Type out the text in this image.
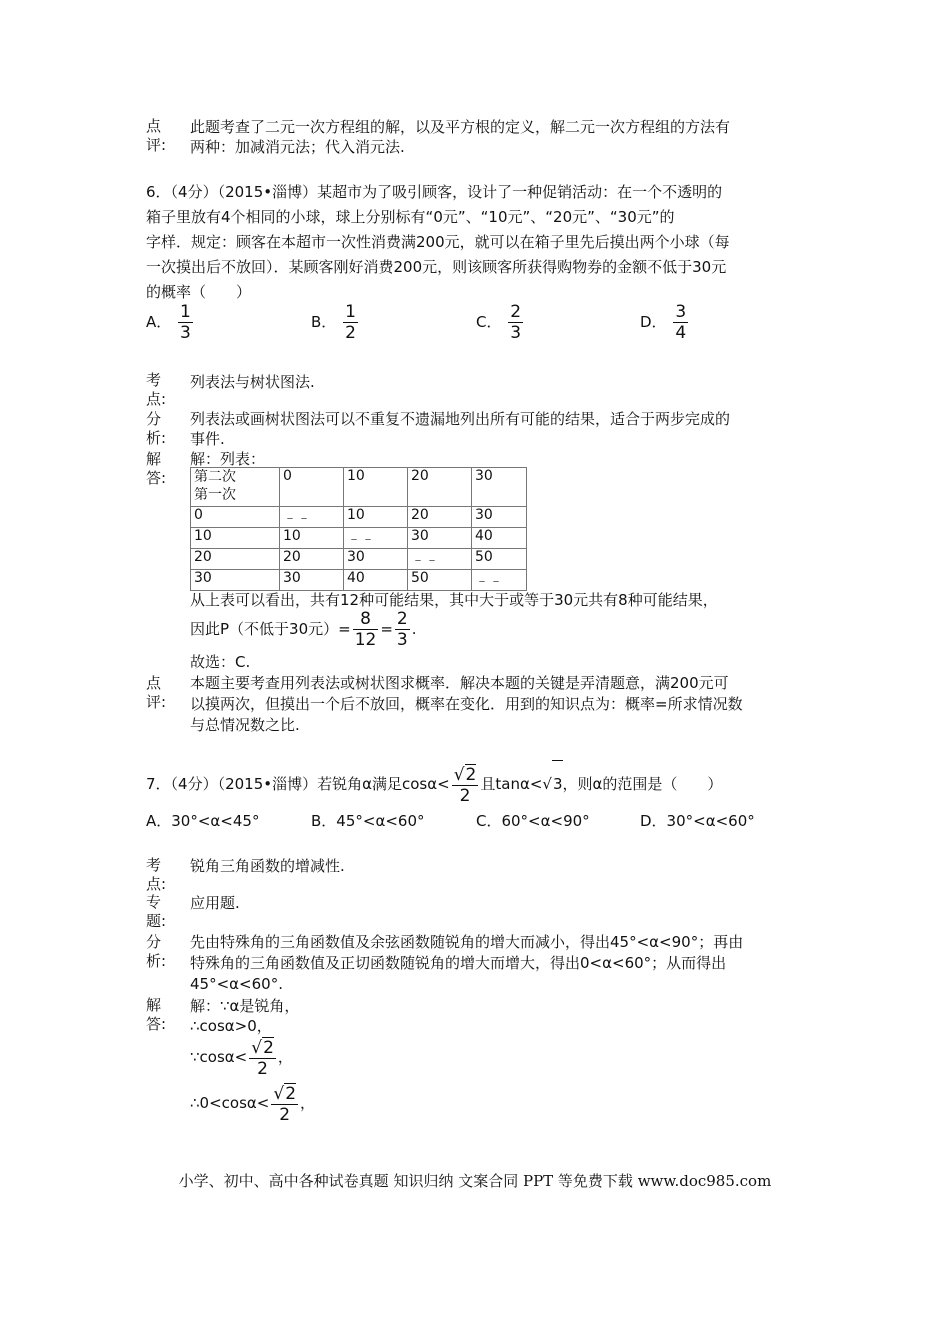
点
评:
此题考查了二元一次方程组的解，以及平方根的定义，解二元一次方程组的方法有
两种：加减消元法；代入消元法.
6．（4分）（2015•淄博）某超市为了吸引顾客，设计了一种促销活动：在一个不透明的
箱子里放有4个相同的小球，球上分别标有“0元”、“10元”、“20元”、“30元”的
字样．规定：顾客在本超市一次性消费满200元，就可以在箱子里先后摸出两个小球（每
一次摸出后不放回）．某顾客刚好消费200元，则该顾客所获得购物券的金额不低于30元
的概率（　　）
A． $\frac{1}{3}$	B． $\frac{1}{2}$	C． $\frac{2}{3}$	D． $\frac{3}{4}$
考
点:
列表法与树状图法.
分
析:
列表法或画树状图法可以不重复不遗漏地列出所有可能的结果，适合于两步完成的
事件.
解
答:
解：列表：
第二次
第一次	0	10	20	30
0	﹣﹣	10	20	30
10	10	﹣﹣	30	40
20	20	30	﹣﹣	50
30	30	40	50	﹣﹣
从上表可以看出，共有12种可能结果，其中大于或等于30元共有8种可能结果，
因此P（不低于30元）= $\frac{8}{12} = \frac{2}{3}$ .
故选：C.
点
评:
本题主要考查用列表法或树状图求概率．解决本题的关键是弄清题意，满200元可
以摸两次，但摸出一个后不放回，概率在变化．用到的知识点为：概率=所求情况数
与总情况数之比.
7．（4分）（2015•淄博）若锐角α满足$\cos\alpha< \frac{√2}{2}$ 且tanα<√3，则α的范围是（　　）
A．30°<α<45°	B．45°<α<60°	C．60°<α<90°	D．30°<α<60°
考
点:
锐角三角函数的增减性.
专
题:
应用题.
分
析:
先由特殊角的三角函数值及余弦函数随锐角的增大而减小，得出45°<α<90°；再由
特殊角的三角函数值及正切函数随锐角的增大而增大，得出0<α<60°；从而得出
45°<α<60°.
解
答:
解：∵α是锐角，
∴cosα>0，
∵cosα< $\frac{√2}{2}$ ，
∴0<cosα< $\frac{√2}{2}$ ，
小学、初中、高中各种试卷真题 知识归纳 文案合同 PPT 等免费下载 www.doc985.com
